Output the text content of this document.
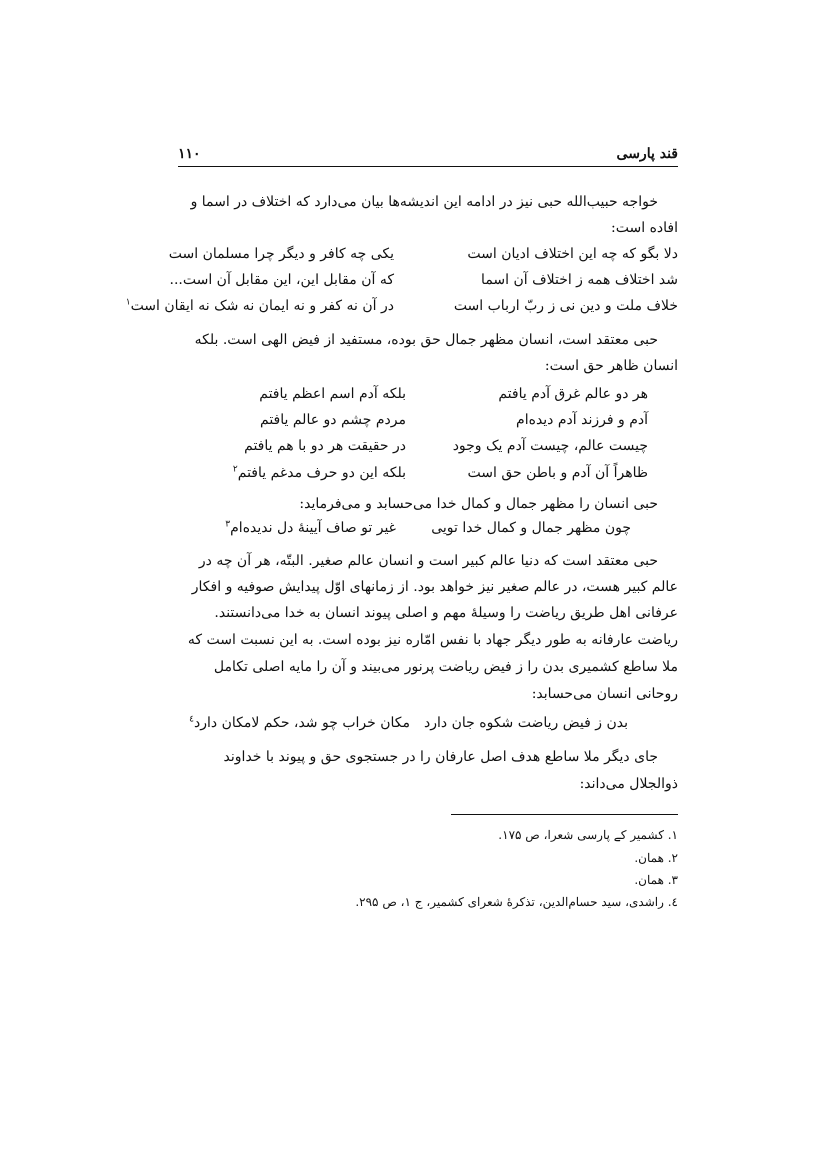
قند پارسی
۱۱۰
خواجه حبیب‌الله حبی نیز در ادامه این اندیشه‌ها بیان می‌دارد که اختلاف در اسما و
افاده است:
دلا بگو که چه این اختلاف ادیان است
یکی چه کافر و دیگر چرا مسلمان است
شد اختلاف همه ز اختلاف آن اسما
که آن مقابل این، این مقابل آن است...
خلاف ملت و دین نی ز ربّ ارباب است
در آن نه کفر و نه ایمان نه شک نه ایقان است$^۱$
حبی معتقد است، انسان مظهر جمال حق بوده، مستفید از فیض الهی است. بلکه
انسان ظاهر حق است:
هر دو عالم غرق آدم یافتم
بلکه آدم اسم اعظم یافتم
آدم و فرزند آدم دیده‌ام
مردم چشم دو عالم یافتم
چیست عالم، چیست آدم یک وجود
در حقیقت هر دو با هم یافتم
ظاهراً آن آدم و باطن حق است
بلکه این دو حرف مدغم یافتم$^۲$
حبی انسان را مظهر جمال و کمال خدا می‌حسابد و می‌فرماید:
چون مظهر جمال و کمال خدا تویی
غیر تو صاف آیینهٔ دل ندیده‌ام$^۳$
حبی معتقد است که دنیا عالم کبیر است و انسان عالم صغیر. البتّه، هر آن چه در
عالم کبیر هست، در عالم صغیر نیز خواهد بود. از زمانهای اوّل پیدایش صوفیه و افکار
عرفانی اهل طریق ریاضت را وسیلهٔ مهم و اصلی پیوند انسان به خدا می‌دانستند.
ریاضت عارفانه به طور دیگر جهاد با نفس امّاره نیز بوده است. به این نسبت است که
ملا ساطع کشمیری بدن را ز فیض ریاضت پرنور می‌بیند و آن را مایه اصلی تکامل
روحانی انسان می‌حسابد:
بدن ز فیض ریاضت شکوه جان دارد
مکان خراب چو شد، حکم لامکان دارد$^٤$
جای دیگر ملا ساطع هدف اصل عارفان را در جستجوی حق و پیوند با خداوند
ذوالجلال می‌داند:
۱. کشمیر کے پارسی شعرا، ص ۱۷۵.
۲. همان.
۳. همان.
٤. راشدی، سید حسام‌الدین، تذکرهٔ شعرای کشمیر، ج ۱، ص ۲۹۵.
